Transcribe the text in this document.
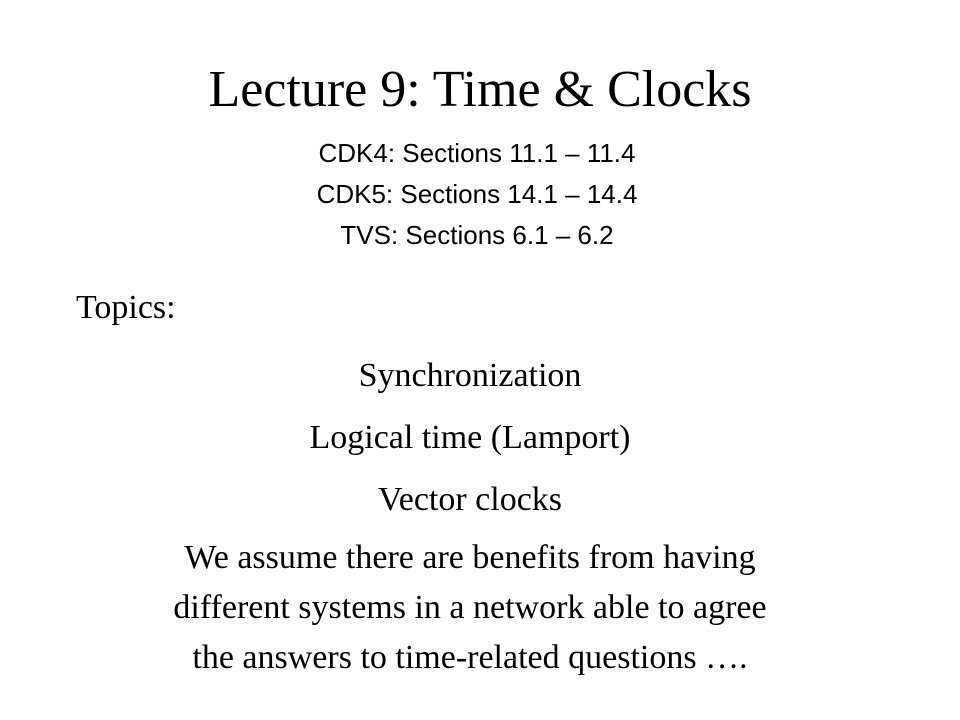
Lecture 9: Time & Clocks
CDK4: Sections 11.1 – 11.4
CDK5: Sections 14.1 – 14.4
TVS: Sections 6.1 – 6.2
Topics:
Synchronization
Logical time (Lamport)
Vector clocks
We assume there are benefits from having
different systems in a network able to agree
the answers to time-related questions ….
